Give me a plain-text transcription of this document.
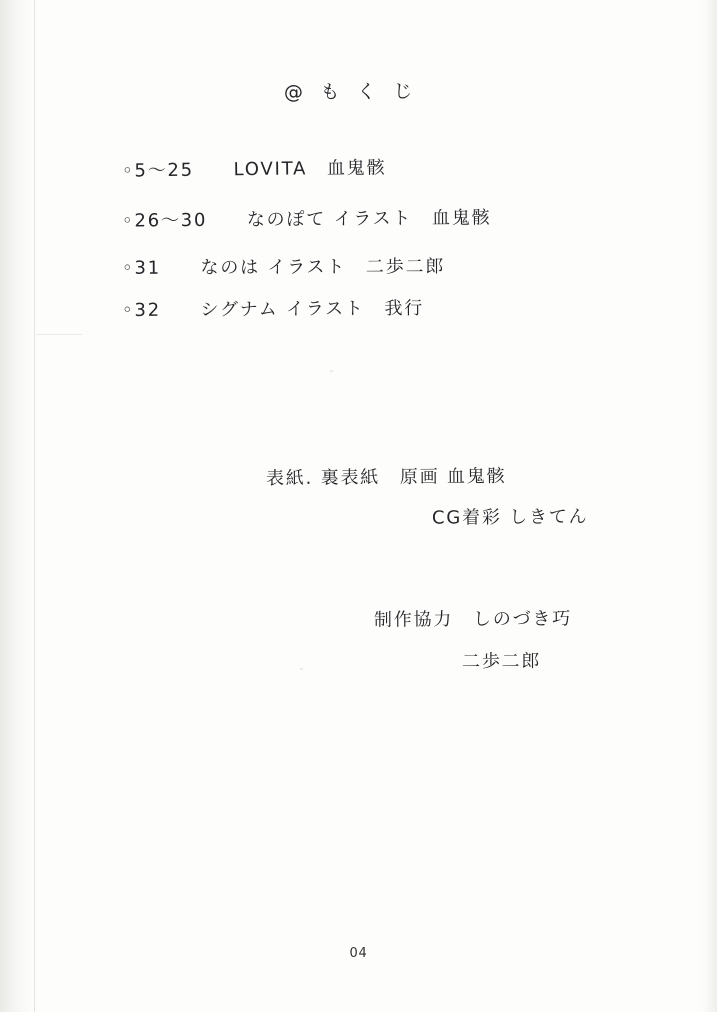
@ も く じ
◦5〜25　　LOVITA　血鬼骸
◦26〜30　　なのぽて イラスト　血鬼骸
◦31　　なのは イラスト　二歩二郎
◦32　　シグナム イラスト　我行
表紙. 裏表紙　原画 血鬼骸
CG着彩 しきてん
制作協力　しのづき巧
二歩二郎
04
